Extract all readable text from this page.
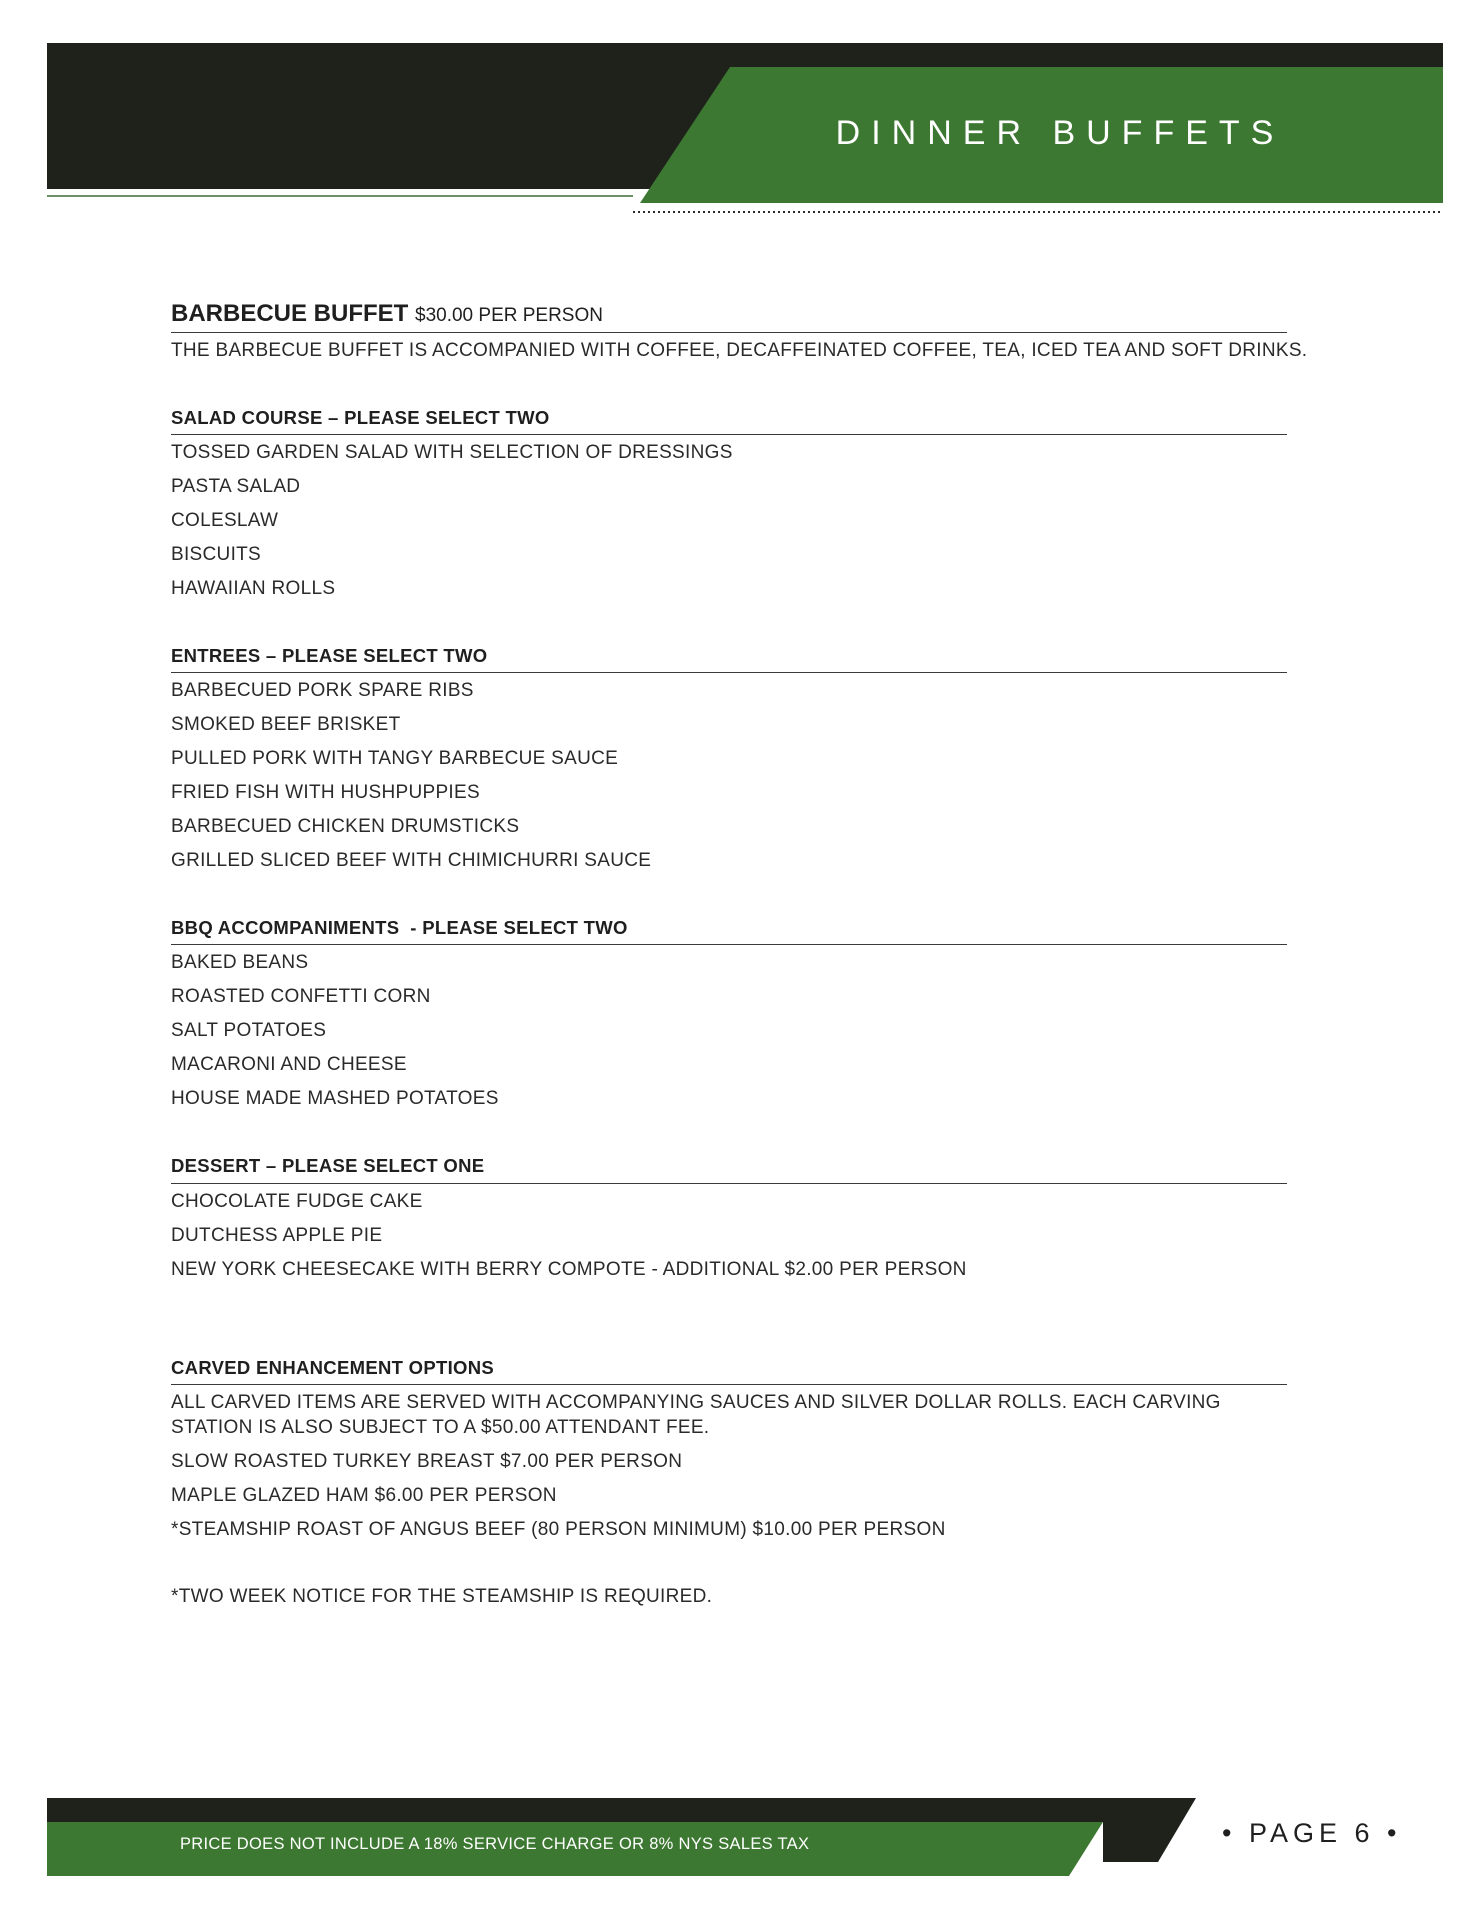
DINNER BUFFETS
BARBECUE BUFFET $30.00 PER PERSON
THE BARBECUE BUFFET IS ACCOMPANIED WITH COFFEE, DECAFFEINATED COFFEE, TEA, ICED TEA AND SOFT DRINKS.
SALAD COURSE – PLEASE SELECT TWO
TOSSED GARDEN SALAD WITH SELECTION OF DRESSINGS
PASTA SALAD
COLESLAW
BISCUITS
HAWAIIAN ROLLS
ENTREES – PLEASE SELECT TWO
BARBECUED PORK SPARE RIBS
SMOKED BEEF BRISKET
PULLED PORK WITH TANGY BARBECUE SAUCE
FRIED FISH WITH HUSHPUPPIES
BARBECUED CHICKEN DRUMSTICKS
GRILLED SLICED BEEF WITH CHIMICHURRI SAUCE
BBQ ACCOMPANIMENTS  - PLEASE SELECT TWO
BAKED BEANS
ROASTED CONFETTI CORN
SALT POTATOES
MACARONI AND CHEESE
HOUSE MADE MASHED POTATOES
DESSERT – PLEASE SELECT ONE
CHOCOLATE FUDGE CAKE
DUTCHESS APPLE PIE
NEW YORK CHEESECAKE WITH BERRY COMPOTE - ADDITIONAL $2.00 PER PERSON
CARVED ENHANCEMENT OPTIONS
ALL CARVED ITEMS ARE SERVED WITH ACCOMPANYING SAUCES AND SILVER DOLLAR ROLLS. EACH CARVING
STATION IS ALSO SUBJECT TO A $50.00 ATTENDANT FEE.
SLOW ROASTED TURKEY BREAST $7.00 PER PERSON
MAPLE GLAZED HAM $6.00 PER PERSON
*STEAMSHIP ROAST OF ANGUS BEEF (80 PERSON MINIMUM) $10.00 PER PERSON
*TWO WEEK NOTICE FOR THE STEAMSHIP IS REQUIRED.
PRICE DOES NOT INCLUDE A 18% SERVICE CHARGE OR 8% NYS SALES TAX	• PAGE 6 •
